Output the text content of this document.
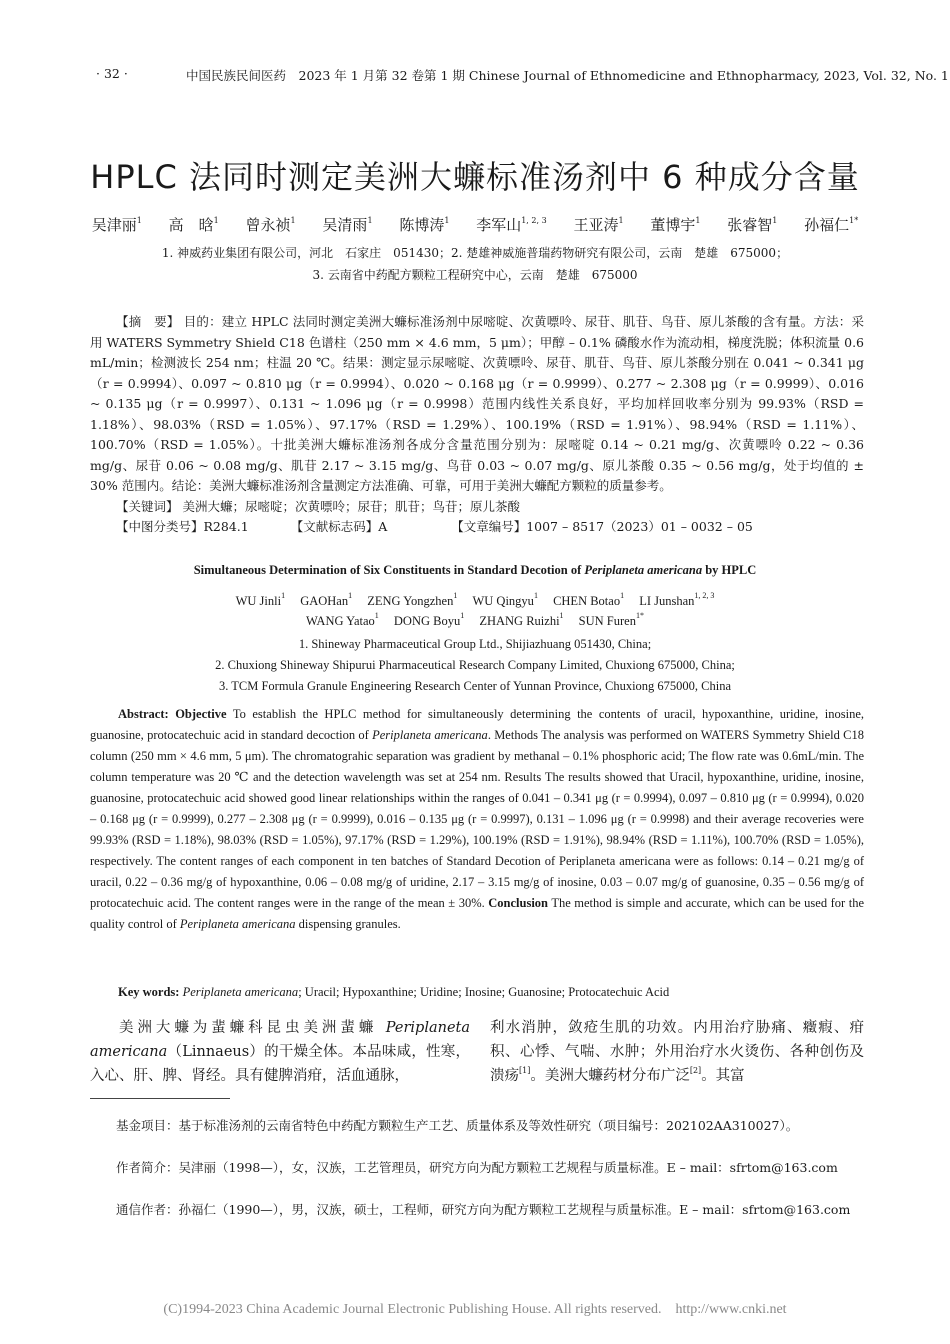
· 32 ·	中国民族民间医药　2023 年 1 月第 32 卷第 1 期 Chinese Journal of Ethnomedicine and Ethnopharmacy, 2023, Vol. 32, No. 1
HPLC 法同时测定美洲大蠊标准汤剂中 6 种成分含量
吴津丽$^1$ 高　晗$^1$ 曾永祯$^1$ 吴清雨$^1$ 陈博涛$^1$ 李军山$^{1, 2, 3}$ 王亚涛$^1$ 董博宇$^1$ 张睿智$^1$ 孙福仁$^{1*}$
1. 神威药业集团有限公司，河北　石家庄　051430；2. 楚雄神威施普瑞药物研究有限公司，云南　楚雄　675000；
3. 云南省中药配方颗粒工程研究中心，云南　楚雄　675000

【摘　要】 目的：建立 HPLC 法同时测定美洲大蠊标准汤剂中尿嘧啶、次黄嘌呤、尿苷、肌苷、鸟苷、原儿茶酸的含有量。方法：采用 WATERS Symmetry Shield C18 色谱柱（250 mm × 4.6 mm，5 μm）；甲醇 – 0.1% 磷酸水作为流动相，梯度洗脱；体积流量 0.6 mL/min；检测波长 254 nm；柱温 20 ℃。结果：测定显示尿嘧啶、次黄嘌呤、尿苷、肌苷、鸟苷、原儿茶酸分别在 0.041 ~ 0.341 μg（r = 0.9994）、0.097 ~ 0.810 μg（r = 0.9994）、0.020 ~ 0.168 μg（r = 0.9999）、0.277 ~ 2.308 μg（r = 0.9999）、0.016 ~ 0.135 μg（r = 0.9997）、0.131 ~ 1.096 μg（r = 0.9998）范围内线性关系良好，平均加样回收率分别为 99.93%（RSD = 1.18%）、98.03%（RSD = 1.05%）、97.17%（RSD = 1.29%）、100.19%（RSD = 1.91%）、98.94%（RSD = 1.11%）、100.70%（RSD = 1.05%）。十批美洲大蠊标准汤剂各成分含量范围分别为：尿嘧啶 0.14 ~ 0.21 mg/g、次黄嘌呤 0.22 ~ 0.36 mg/g、尿苷 0.06 ~ 0.08 mg/g、肌苷 2.17 ~ 3.15 mg/g、鸟苷 0.03 ~ 0.07 mg/g、原儿茶酸 0.35 ~ 0.56 mg/g，处于均值的 ± 30% 范围内。结论：美洲大蠊标准汤剂含量测定方法准确、可靠，可用于美洲大蠊配方颗粒的质量参考。

【关键词】 美洲大蠊；尿嘧啶；次黄嘌呤；尿苷；肌苷；鸟苷；原儿茶酸

【中图分类号】R284.1	【文献标志码】A	【文章编号】1007 – 8517（2023）01 – 0032 – 05

Simultaneous Determination of Six Constituents in Standard Decotion of Periplaneta americana by HPLC
WU Jinli$^1$ GAOHan$^1$ ZENG Yongzhen$^1$ WU Qingyu$^1$ CHEN Botao$^1$ LI Junshan$^{1, 2, 3}$
WANG Yatao$^1$ DONG Boyu$^1$ ZHANG Ruizhi$^1$ SUN Furen$^{1*}$
1. Shineway Pharmaceutical Group Ltd., Shijiazhuang 051430, China;
2. Chuxiong Shineway Shipurui Pharmaceutical Research Company Limited, Chuxiong 675000, China;
3. TCM Formula Granule Engineering Research Center of Yunnan Province, Chuxiong 675000, China
Abstract: Objective To establish the HPLC method for simultaneously determining the contents of uracil, hypoxanthine, uridine, inosine, guanosine, protocatechuic acid in standard decoction of Periplaneta americana. Methods The analysis was performed on WATERS Symmetry Shield C18 column (250 mm × 4.6 mm, 5 μm). The chromatograhic separation was gradient by methanal – 0.1% phosphoric acid; The flow rate was 0.6mL/min. The column temperature was 20 ℃ and the detection wavelength was set at 254 nm. Results The results showed that Uracil, hypoxanthine, uridine, inosine, guanosine, protocatechuic acid showed good linear relationships within the ranges of 0.041 – 0.341 μg (r = 0.9994), 0.097 – 0.810 μg (r = 0.9994), 0.020 – 0.168 μg (r = 0.9999), 0.277 – 2.308 μg (r = 0.9999), 0.016 – 0.135 μg (r = 0.9997), 0.131 – 1.096 μg (r = 0.9998) and their average recoveries were 99.93% (RSD = 1.18%), 98.03% (RSD = 1.05%), 97.17% (RSD = 1.29%), 100.19% (RSD = 1.91%), 98.94% (RSD = 1.11%), 100.70% (RSD = 1.05%), respectively. The content ranges of each component in ten batches of Standard Decotion of Periplaneta americana were as follows: 0.14 – 0.21 mg/g of uracil, 0.22 – 0.36 mg/g of hypoxanthine, 0.06 – 0.08 mg/g of uridine, 2.17 – 3.15 mg/g of inosine, 0.03 – 0.07 mg/g of guanosine, 0.35 – 0.56 mg/g of protocatechuic acid. The content ranges were in the range of the mean ± 30%. Conclusion The method is simple and accurate, which can be used for the quality control of Periplaneta americana dispensing granules.
Key words: Periplaneta americana; Uracil; Hypoxanthine; Uridine; Inosine; Guanosine; Protocatechuic Acid
美洲大蠊为蜚蠊科昆虫美洲蜚蠊 Periplaneta americana（Linnaeus）的干燥全体。本品味咸，性寒，入心、肝、脾、肾经。具有健脾消疳，活血通脉，
利水消肿，敛疮生肌的功效。内用治疗胁痛、癥瘕、疳积、心悸、气喘、水肿；外用治疗水火烫伤、各种创伤及溃疡[1]。美洲大蠊药材分布广泛[2]。其富
基金项目：基于标准汤剂的云南省特色中药配方颗粒生产工艺、质量体系及等效性研究（项目编号：202102AA310027）。
作者简介：吴津丽（1998—），女，汉族，工艺管理员，研究方向为配方颗粒工艺规程与质量标准。E – mail：sfrtom@163.com
通信作者：孙福仁（1990—），男，汉族，硕士，工程师，研究方向为配方颗粒工艺规程与质量标准。E – mail：sfrtom@163.com
(C)1994-2023 China Academic Journal Electronic Publishing House. All rights reserved.　http://www.cnki.net
